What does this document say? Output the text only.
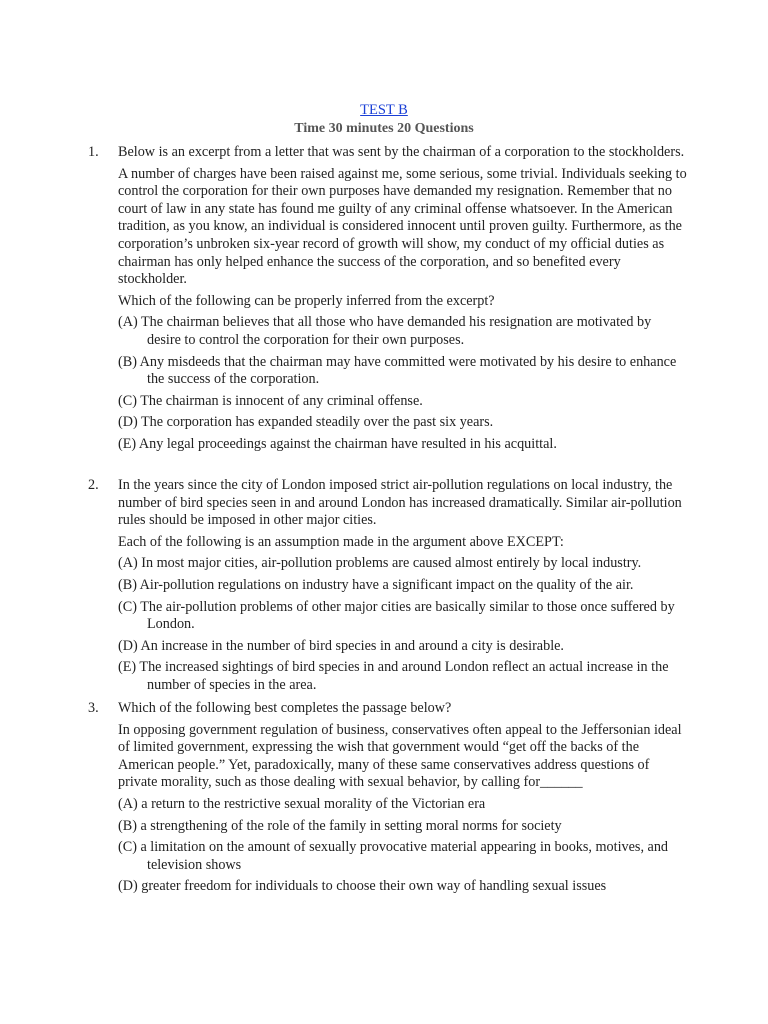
TEST B
Time 30 minutes 20 Questions
1.	Below is an excerpt from a letter that was sent by the chairman of a corporation to the stockholders.

A number of charges have been raised against me, some serious, some trivial. Individuals seeking to control the corporation for their own purposes have demanded my resignation. Remember that no court of law in any state has found me guilty of any criminal offense whatsoever. In the American tradition, as you know, an individual is considered innocent until proven guilty. Furthermore, as the corporation’s unbroken six-year record of growth will show, my conduct of my official duties as chairman has only helped enhance the success of the corporation, and so benefited every stockholder.

Which of the following can be properly inferred from the excerpt?

(A) The chairman believes that all those who have demanded his resignation are motivated by desire to control the corporation for their own purposes.
(B) Any misdeeds that the chairman may have committed were motivated by his desire to enhance the success of the corporation.
(C) The chairman is innocent of any criminal offense.
(D) The corporation has expanded steadily over the past six years.
(E) Any legal proceedings against the chairman have resulted in his acquittal.
2.	In the years since the city of London imposed strict air-pollution regulations on local industry, the number of bird species seen in and around London has increased dramatically. Similar air-pollution rules should be imposed in other major cities.

Each of the following is an assumption made in the argument above EXCEPT:

(A) In most major cities, air-pollution problems are caused almost entirely by local industry.
(B) Air-pollution regulations on industry have a significant impact on the quality of the air.
(C) The air-pollution problems of other major cities are basically similar to those once suffered by London.
(D) An increase in the number of bird species in and around a city is desirable.
(E) The increased sightings of bird species in and around London reflect an actual increase in the number of species in the area.
3.	Which of the following best completes the passage below?

In opposing government regulation of business, conservatives often appeal to the Jeffersonian ideal of limited government, expressing the wish that government would “get off the backs of the American people.” Yet, paradoxically, many of these same conservatives address questions of private morality, such as those dealing with sexual behavior, by calling for______

(A) a return to the restrictive sexual morality of the Victorian era
(B) a strengthening of the role of the family in setting moral norms for society
(C) a limitation on the amount of sexually provocative material appearing in books, motives, and television shows
(D) greater freedom for individuals to choose their own way of handling sexual issues
